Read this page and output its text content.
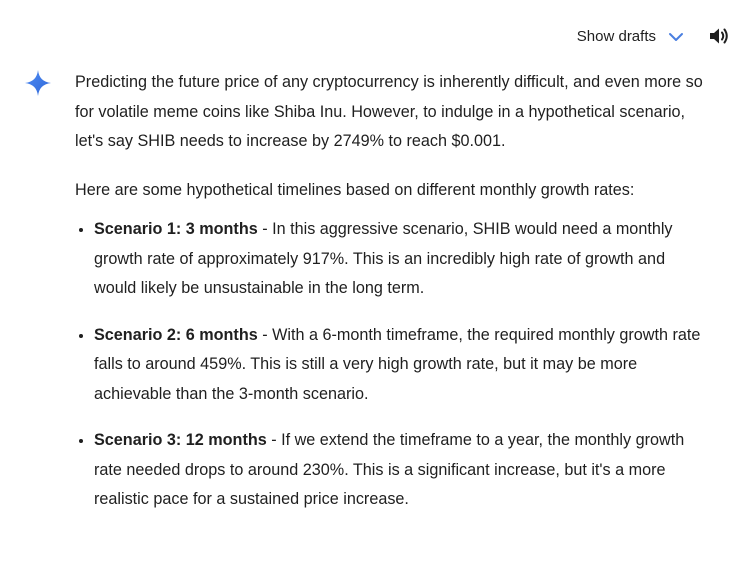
Show drafts

Predicting the future price of any cryptocurrency is inherently difficult, and even more so for volatile meme coins like Shiba Inu. However, to indulge in a hypothetical scenario, let's say SHIB needs to increase by 2749% to reach $0.001.

Here are some hypothetical timelines based on different monthly growth rates:

• Scenario 1: 3 months - In this aggressive scenario, SHIB would need a monthly growth rate of approximately 917%. This is an incredibly high rate of growth and would likely be unsustainable in the long term.
• Scenario 2: 6 months - With a 6-month timeframe, the required monthly growth rate falls to around 459%. This is still a very high growth rate, but it may be more achievable than the 3-month scenario.
• Scenario 3: 12 months - If we extend the timeframe to a year, the monthly growth rate needed drops to around 230%. This is a significant increase, but it's a more realistic pace for a sustained price increase.
